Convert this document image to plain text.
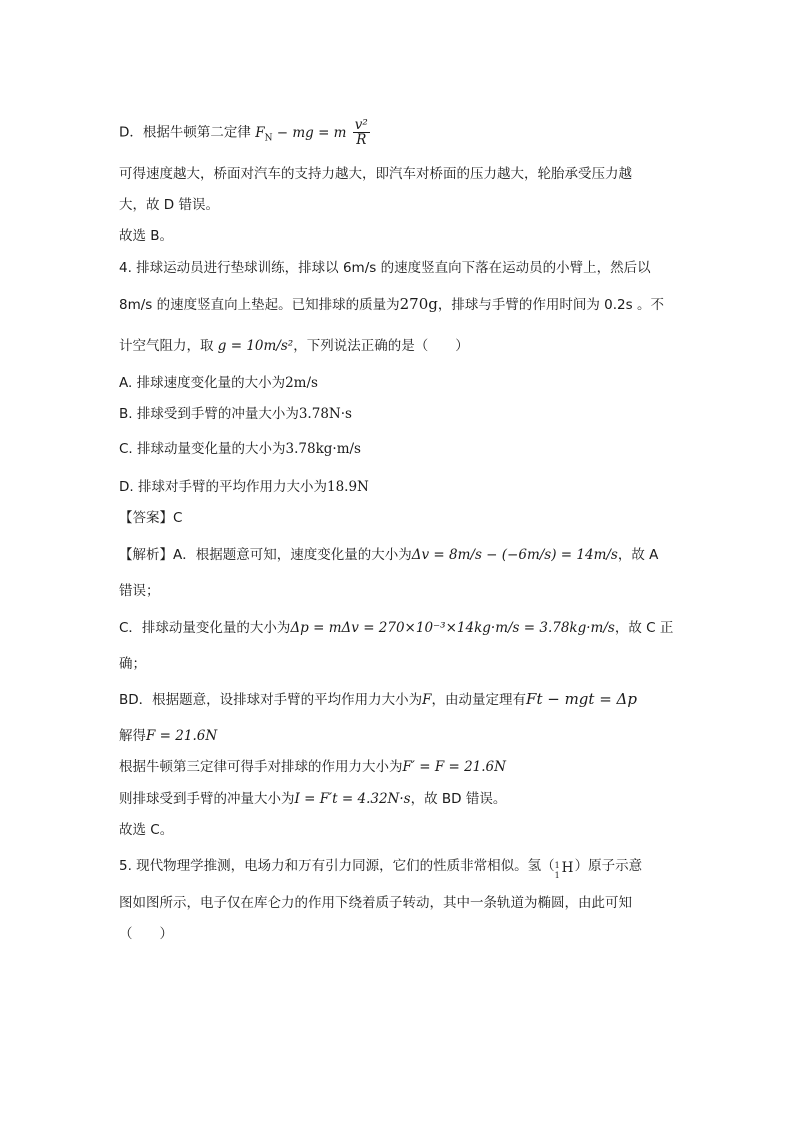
D．根据牛顿第二定律 $F_N$ − mg = m $\frac{\text{v²}}{R}$
可得速度越大，桥面对汽车的支持力越大，即汽车对桥面的压力越大，轮胎承受压力越
大，故 D 错误。
故选 B。
4. 排球运动员进行垫球训练，排球以 6m/s 的速度竖直向下落在运动员的小臂上，然后以
8m/s 的速度竖直向上垫起。已知排球的质量为270g，排球与手臂的作用时间为 0.2s 。不
计空气阻力，取 g = 10m/s²，下列说法正确的是（　　）
A. 排球速度变化量的大小为2m/s
B. 排球受到手臂的冲量大小为3.78N·s
C. 排球动量变化量的大小为3.78kg·m/s
D. 排球对手臂的平均作用力大小为18.9N
【答案】C
【解析】A．根据题意可知，速度变化量的大小为Δv = 8m/s − (−6m/s) = 14m/s，故 A
错误；
C．排球动量变化量的大小为Δp = mΔv = 270×10⁻³×14kg·m/s = 3.78kg·m/s，故 C 正
确；
BD．根据题意，设排球对手臂的平均作用力大小为F，由动量定理有Ft − mgt = Δp
解得F = 21.6N
根据牛顿第三定律可得手对排球的作用力大小为F′ = F = 21.6N
则排球受到手臂的冲量大小为I = F′t = 4.32N·s，故 BD 错误。
故选 C。
5. 现代物理学推测，电场力和万有引力同源，它们的性质非常相似。氢（ 1
1 H ）原子示意
图如图所示，电子仅在库仑力的作用下绕着质子转动，其中一条轨道为椭圆，由此可知
（　　）
